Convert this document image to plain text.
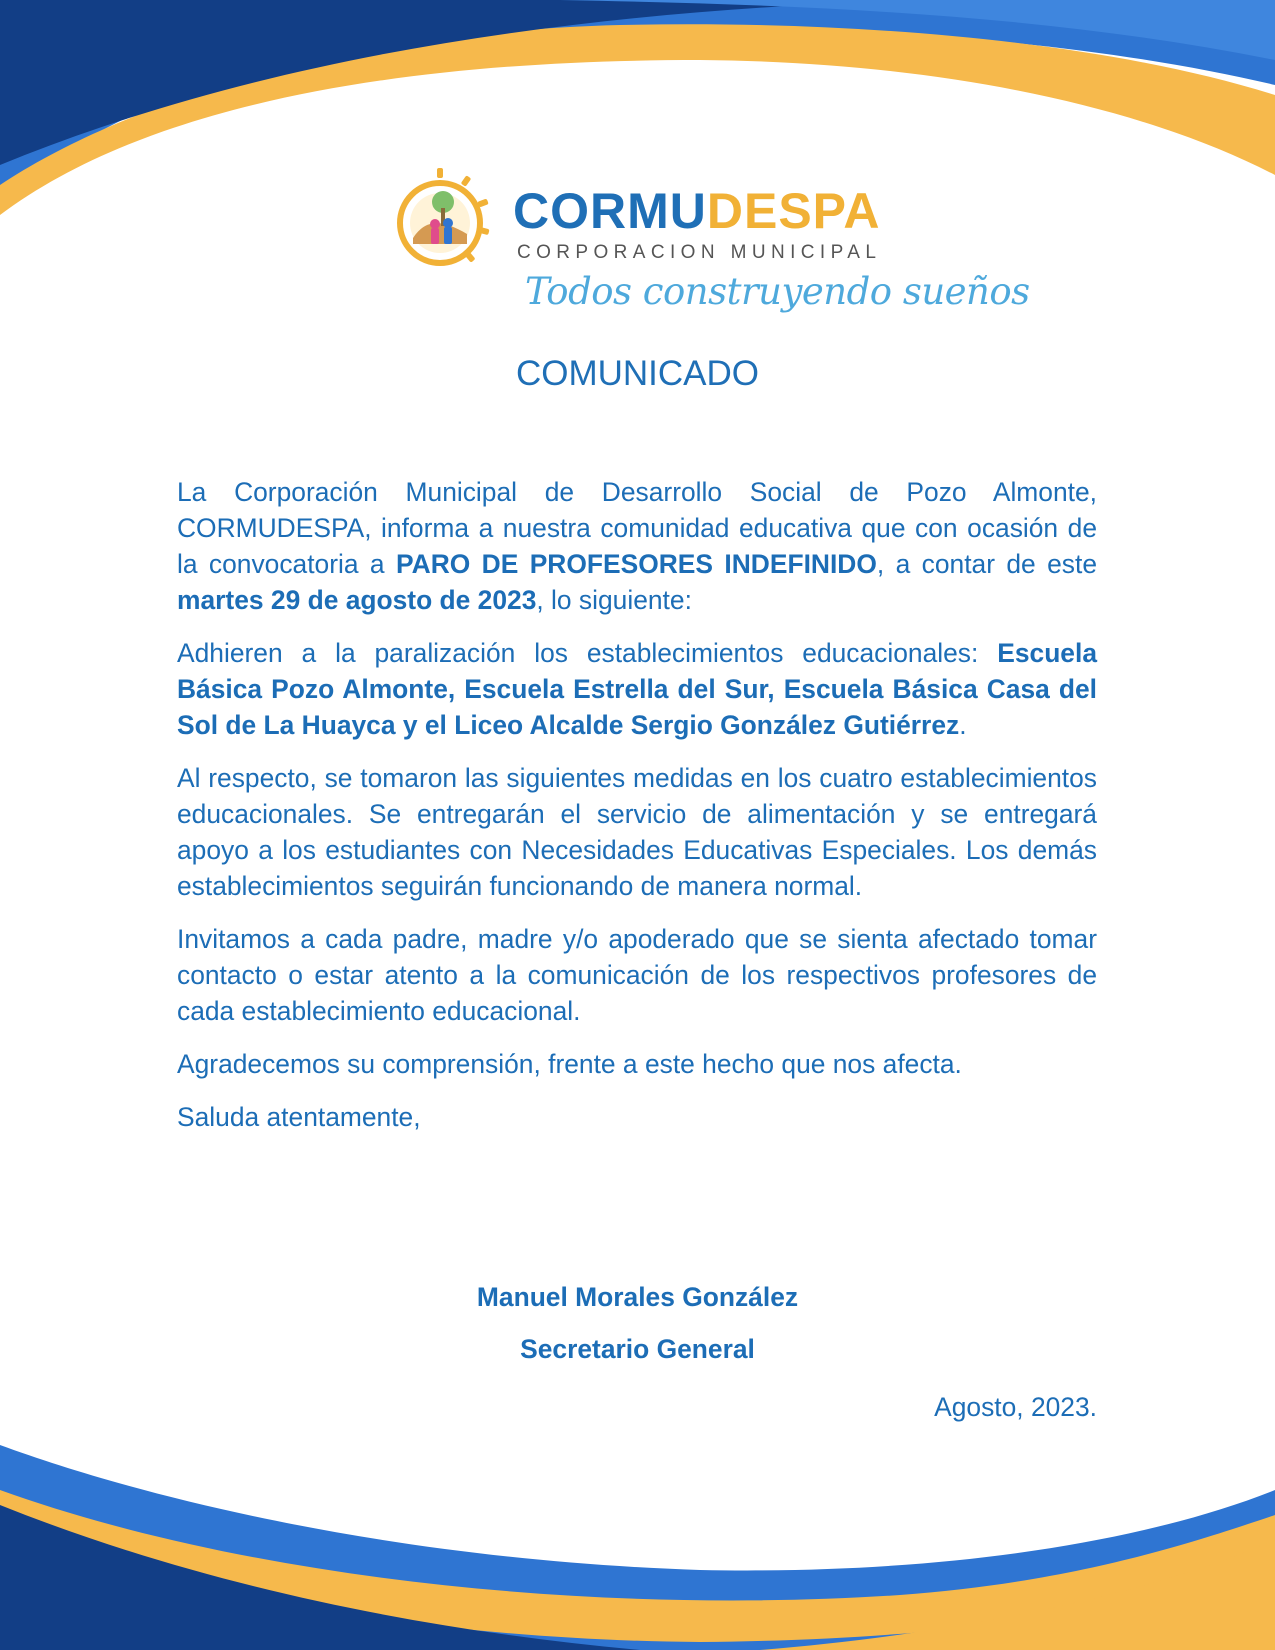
CORMUDESPA
CORPORACION MUNICIPAL
Todos construyendo sueños
COMUNICADO

La Corporación Municipal de Desarrollo Social de Pozo Almonte, CORMUDESPA, informa a nuestra comunidad educativa que con ocasión de la convocatoria a PARO DE PROFESORES INDEFINIDO, a contar de este martes 29 de agosto de 2023, lo siguiente:

Adhieren a la paralización los establecimientos educacionales: Escuela Básica Pozo Almonte, Escuela Estrella del Sur, Escuela Básica Casa del Sol de La Huayca y el Liceo Alcalde Sergio González Gutiérrez.

Al respecto, se tomaron las siguientes medidas en los cuatro establecimientos educacionales. Se entregarán el servicio de alimentación y se entregará apoyo a los estudiantes con Necesidades Educativas Especiales. Los demás establecimientos seguirán funcionando de manera normal.

Invitamos a cada padre, madre y/o apoderado que se sienta afectado tomar contacto o estar atento a la comunicación de los respectivos profesores de cada establecimiento educacional.

Agradecemos su comprensión, frente a este hecho que nos afecta.

Saluda atentamente,

Manuel Morales González

Secretario General

Agosto, 2023.
